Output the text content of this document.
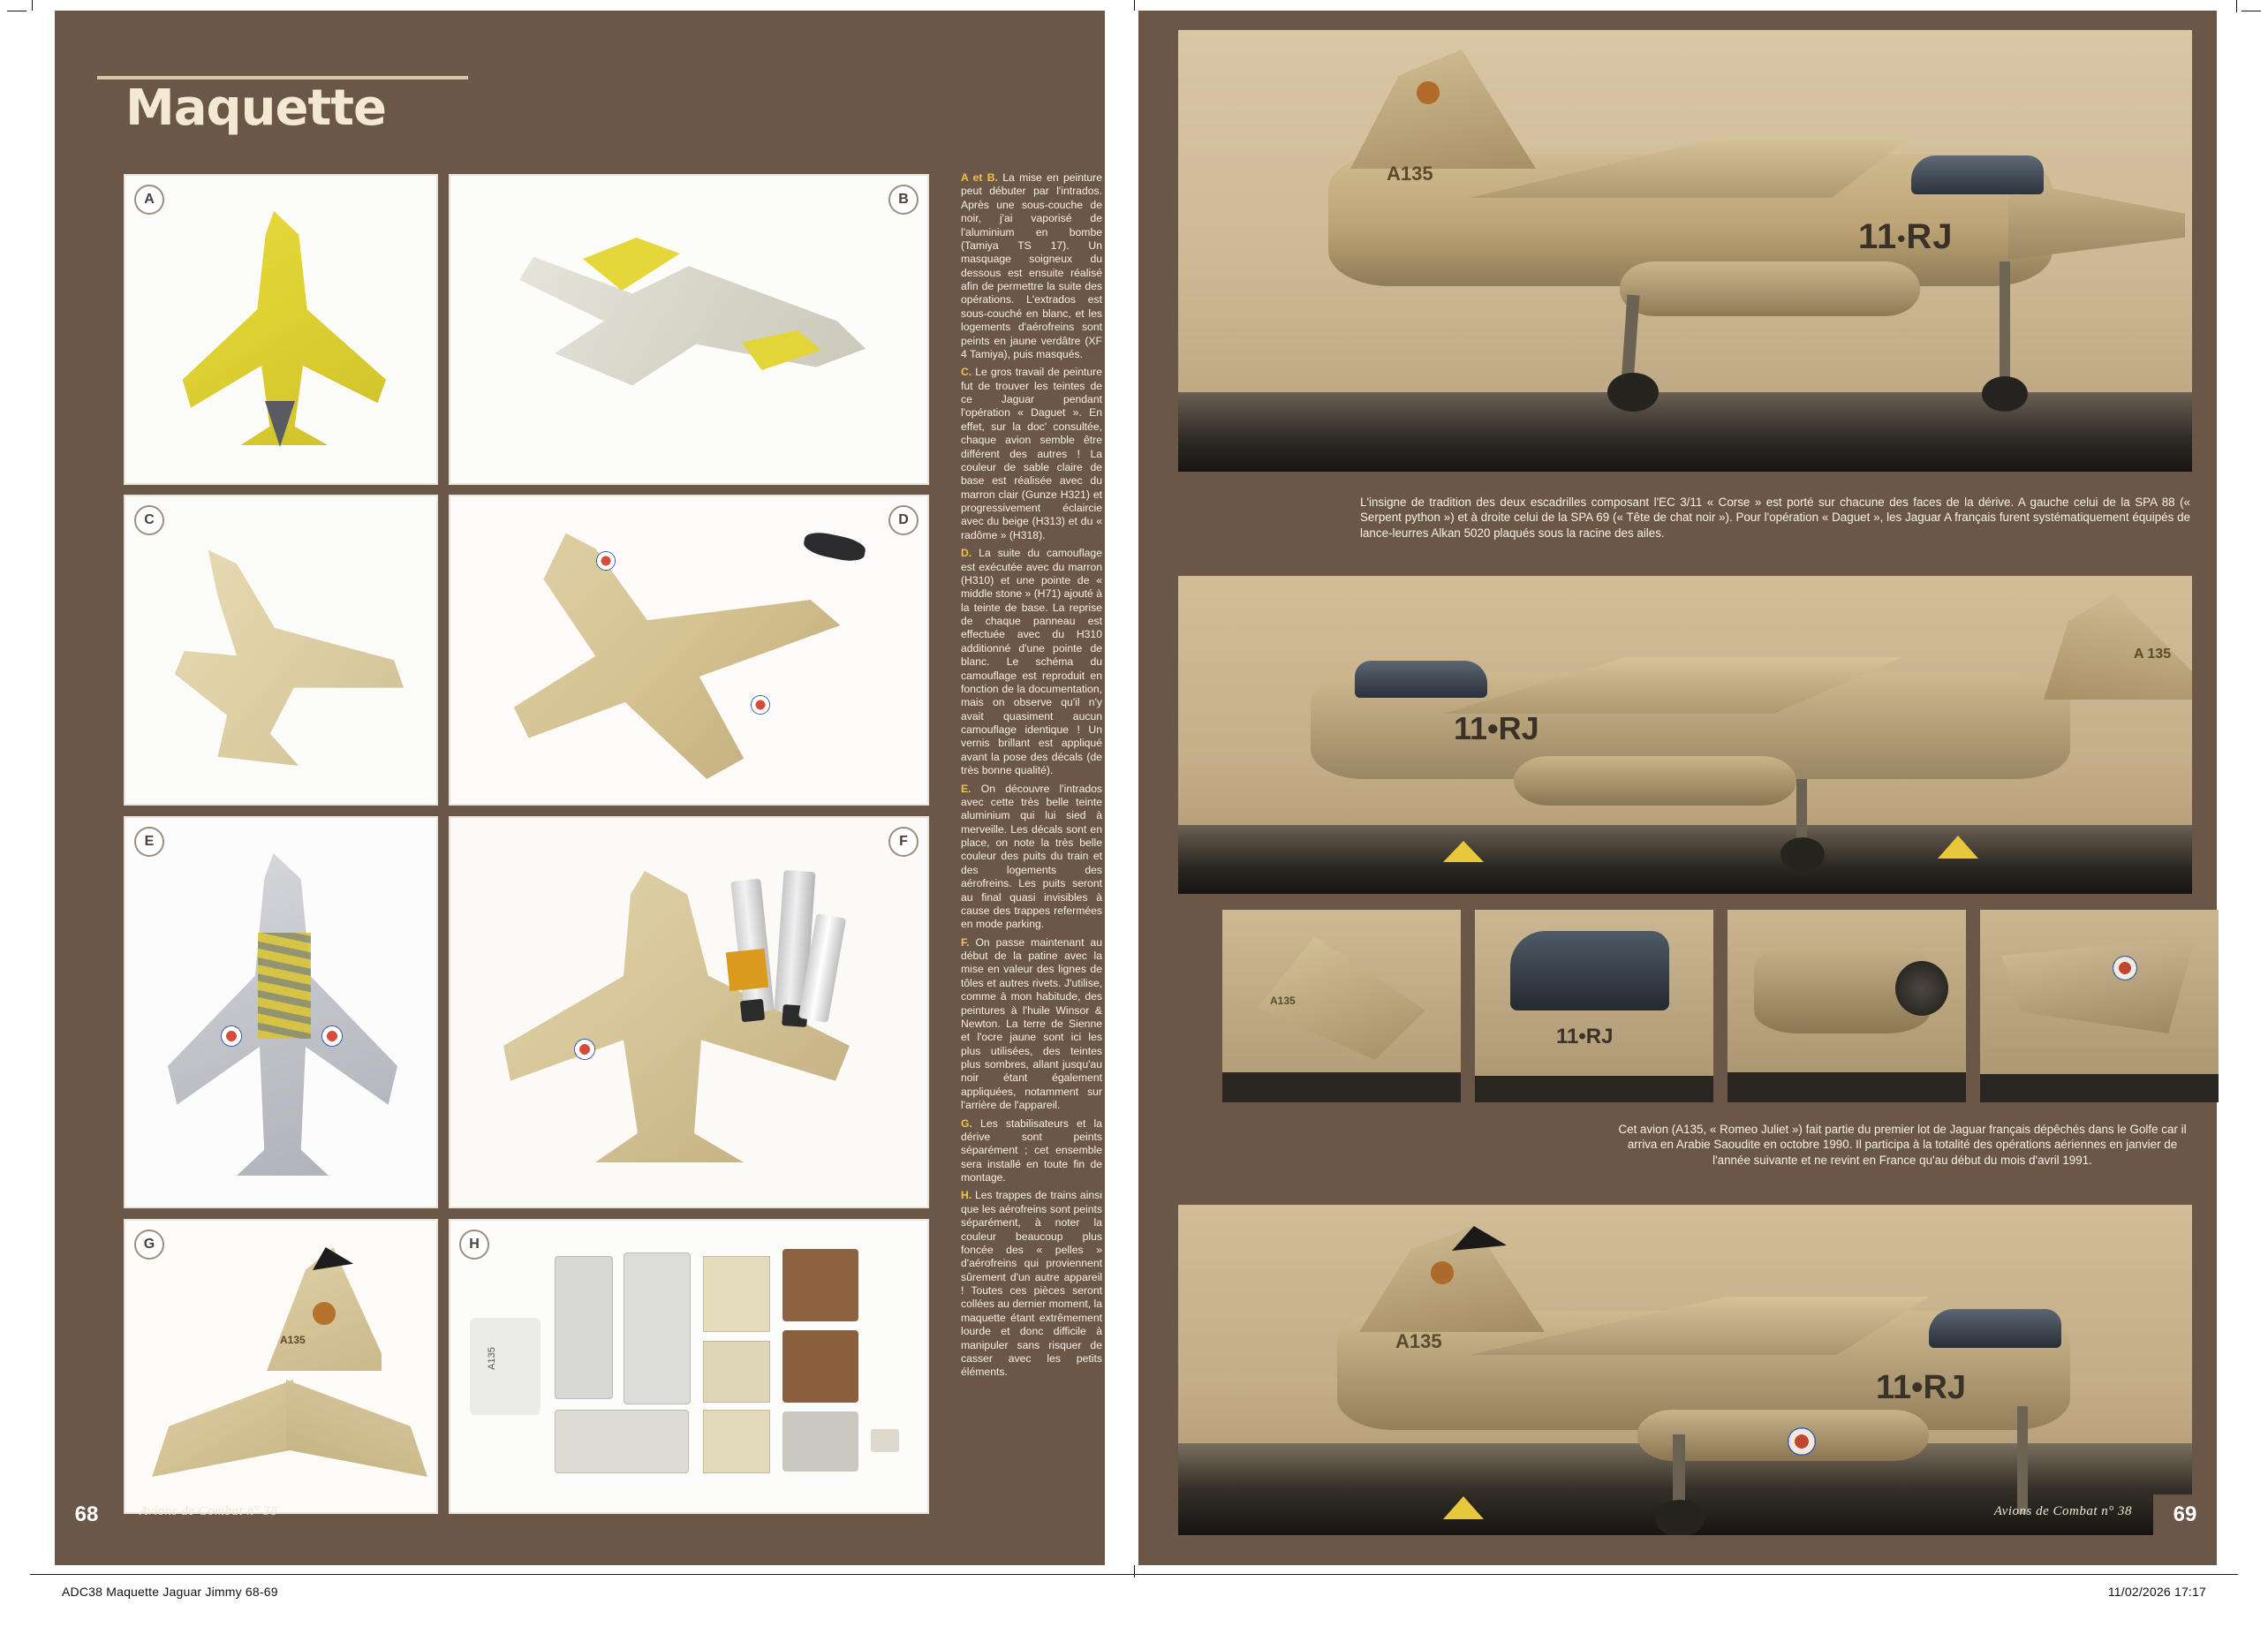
ADC38 Maquette Jaguar Jimmy 68-69	11/02/2026 17:17
Maquette
A	B
C	D
E	F
A135
G
A135
H

A et B. La mise en peinture peut débuter par l'intrados. Après une sous-couche de noir, j'ai vaporisé de l'aluminium en bombe (Tamiya TS 17). Un masquage soigneux du dessous est ensuite réalisé afin de permettre la suite des opérations. L'extrados est sous-couché en blanc, et les logements d'aérofreins sont peints en jaune verdâtre (XF 4 Tamiya), puis masqués.

C. Le gros travail de peinture fut de trouver les teintes de ce Jaguar pendant l'opération « Daguet ». En effet, sur la doc' consultée, chaque avion semble être différent des autres ! La couleur de sable claire de base est réalisée avec du marron clair (Gunze H321) et progressivement éclaircie avec du beige (H313) et du « radôme » (H318).

D. La suite du camouflage est exécutée avec du marron (H310) et une pointe de « middle stone » (H71) ajouté à la teinte de base. La reprise de chaque panneau est effectuée avec du H310 additionné d'une pointe de blanc. Le schéma du camouflage est reproduit en fonction de la documentation, mais on observe qu'il n'y avait quasiment aucun camouflage identique ! Un vernis brillant est appliqué avant la pose des décals (de très bonne qualité).

E. On découvre l'intrados avec cette très belle teinte aluminium qui lui sied à merveille. Les décals sont en place, on note la très belle couleur des puits du train et des logements des aérofreins. Les puits seront au final quasi invisibles à cause des trappes refermées en mode parking.

F. On passe maintenant au début de la patine avec la mise en valeur des lignes de tôles et autres rivets. J'utilise, comme à mon habitude, des peintures à l'huile Winsor & Newton. La terre de Sienne et l'ocre jaune sont ici les plus utilisées, des teintes plus sombres, allant jusqu'au noir étant également appliquées, notamment sur l'arrière de l'appareil.

G. Les stabilisateurs et la dérive sont peints séparément ; cet ensemble sera installé en toute fin de montage.

H. Les trappes de trains ainsi que les aérofreins sont peints séparément, à noter la couleur beaucoup plus foncée des « pelles » d'aérofreins qui proviennent sûrement d'un autre appareil ! Toutes ces pièces seront collées au dernier moment, la maquette étant extrêmement lourde et donc difficile à manipuler sans risquer de casser avec les petits éléments.

68	Avions de Combat n° 38
A135
11•RJ
L'insigne de tradition des deux escadrilles composant l'EC 3/11 « Corse » est porté sur chacune des faces de la dérive. A gauche celui de la SPA 88 (« Serpent python ») et à droite celui de la SPA 69 (« Tête de chat noir »). Pour l'opération « Daguet », les Jaguar A français furent systématiquement équipés de lance-leurres Alkan 5020 plaqués sous la racine des ailes.
11•RJ
A 135
A135
11•RJ
Cet avion (A135, « Romeo Juliet ») fait partie du premier lot de Jaguar français dépêchés dans le Golfe car il arriva en Arabie Saoudite en octobre 1990. Il participa à la totalité des opérations aériennes en janvier de l'année suivante et ne revint en France qu'au début du mois d'avril 1991.
A135
11•RJ
69
Avions de Combat n° 38
